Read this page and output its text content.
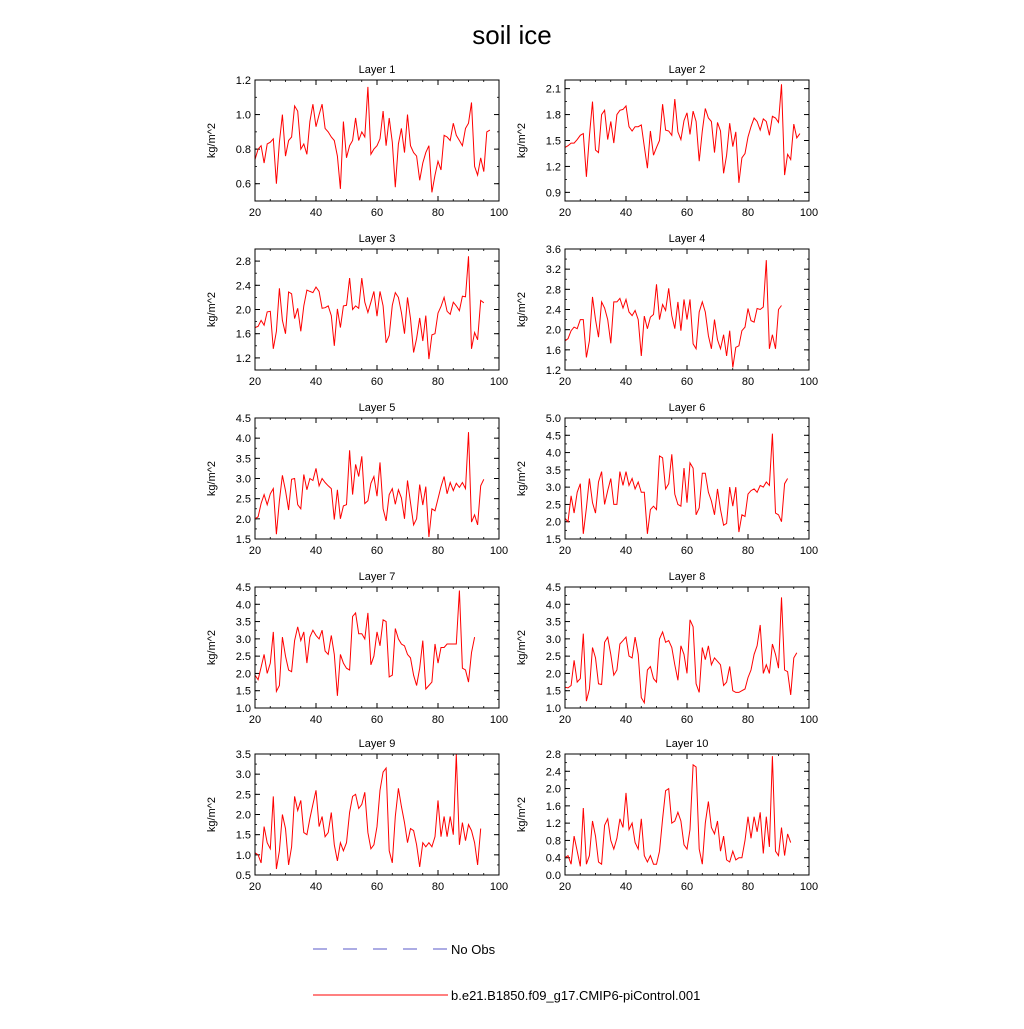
soil ice
Layer 1
kg/m^2
20	40	60	80	100
0.6
0.8
1.0
1.2
Layer 2
kg/m^2
20	40	60	80	100
0.9
1.2
1.5
1.8
2.1
Layer 3
kg/m^2
20	40	60	80	100
1.2
1.6
2.0
2.4
2.8
Layer 4
kg/m^2
20	40	60	80	100
1.2
1.6
2.0
2.4
2.8
3.2
3.6
Layer 5
kg/m^2
20	40	60	80	100
1.5
2.0
2.5
3.0
3.5
4.0
4.5
Layer 6
kg/m^2
20	40	60	80	100
1.5
2.0
2.5
3.0
3.5
4.0
4.5
5.0
Layer 7
kg/m^2
20	40	60	80	100
1.0
1.5
2.0
2.5
3.0
3.5
4.0
4.5
Layer 8
kg/m^2
20	40	60	80	100
1.0
1.5
2.0
2.5
3.0
3.5
4.0
4.5
Layer 9
kg/m^2
20	40	60	80	100
0.5
1.0
1.5
2.0
2.5
3.0
3.5
Layer 10
kg/m^2
20	40	60	80	100
0.0
0.4
0.8
1.2
1.6
2.0
2.4
2.8
No Obs
b.e21.B1850.f09_g17.CMIP6-piControl.001
